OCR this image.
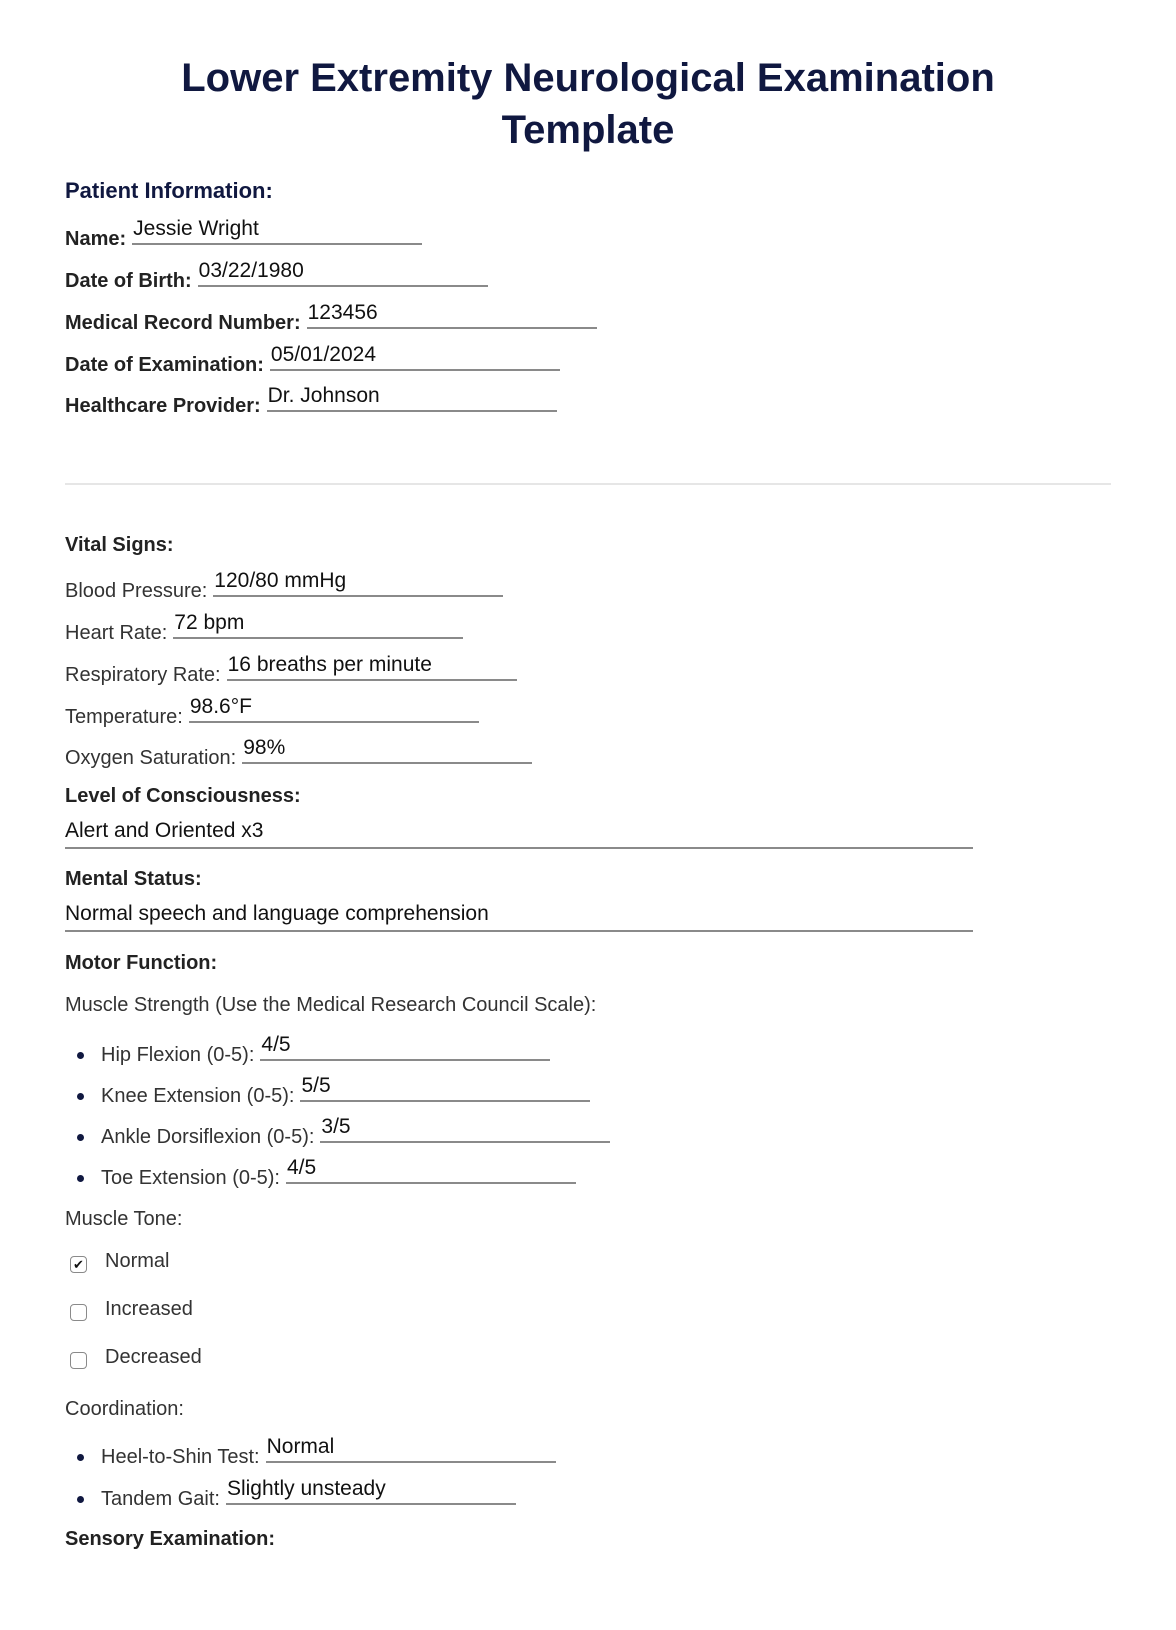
Lower Extremity Neurological Examination Template
Patient Information:
Name: Jessie Wright
Date of Birth: 03/22/1980
Medical Record Number: 123456
Date of Examination: 05/01/2024
Healthcare Provider: Dr. Johnson
Vital Signs:
Blood Pressure: 120/80 mmHg
Heart Rate: 72 bpm
Respiratory Rate: 16 breaths per minute
Temperature: 98.6°F
Oxygen Saturation: 98%
Level of Consciousness:
Alert and Oriented x3
Mental Status:
Normal speech and language comprehension
Motor Function:
Muscle Strength (Use the Medical Research Council Scale):
Hip Flexion (0-5): 4/5
Knee Extension (0-5): 5/5
Ankle Dorsiflexion (0-5): 3/5
Toe Extension (0-5): 4/5
Muscle Tone:
✔ Normal
Increased
Decreased
Coordination:
Heel-to-Shin Test: Normal
Tandem Gait: Slightly unsteady
Sensory Examination:
